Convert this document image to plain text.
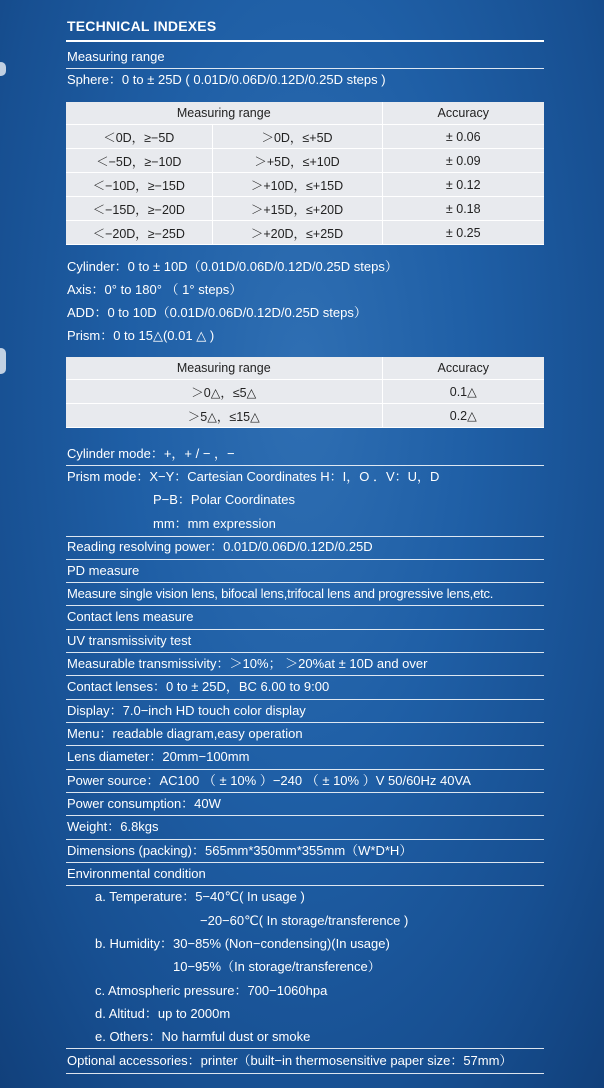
TECHNICAL INDEXES
Measuring range
Sphere：0 to ± 25D ( 0.01D/0.06D/0.12D/0.25D steps )
Measuring range		Accuracy
＜0D，≥−5D	＞0D，≤+5D	± 0.06
＜−5D，≥−10D	＞+5D，≤+10D	± 0.09
＜−10D，≥−15D	＞+10D，≤+15D	± 0.12
＜−15D，≥−20D	＞+15D，≤+20D	± 0.18
＜−20D，≥−25D	＞+20D，≤+25D	± 0.25
Cylinder：0 to ± 10D（0.01D/0.06D/0.12D/0.25D steps）
Axis：0° to 180° （ 1° steps）
ADD：0 to 10D（0.01D/0.06D/0.12D/0.25D steps）
Prism：0 to 15△(0.01 △ )
Measuring range	Accuracy
＞0△，≤5△	0.1△
＞5△，≤15△	0.2△
Cylinder mode：+，+ / − ，−
Prism mode：X−Y：Cartesian Coordinates H：I，O ．V：U，D
P−B：Polar Coordinates
mm：mm expression
Reading resolving power：0.01D/0.06D/0.12D/0.25D
PD measure
Measure single vision lens, bifocal lens,trifocal lens and progressive lens,etc.
Contact lens measure
UV transmissivity test
Measurable transmissivity：＞10%； ＞20%at ± 10D and over
Contact lenses：0 to ± 25D，BC 6.00 to 9:00
Display：7.0−inch HD touch color display
Menu：readable diagram,easy operation
Lens diameter：20mm−100mm
Power source：AC100 （ ± 10% ）−240 （ ± 10% ）V 50/60Hz 40VA
Power consumption：40W
Weight：6.8kgs
Dimensions (packing)：565mm*350mm*355mm（W*D*H）
Environmental condition
a. Temperature：5−40℃( In usage )
−20−60℃( In storage/transference )
b. Humidity：30−85% (Non−condensing)(In usage)
10−95%（In storage/transference）
c. Atmospheric pressure：700−1060hpa
d. Altitud：up to 2000m
e. Others：No harmful dust or smoke
Optional accessories：printer（built−in thermosensitive paper size：57mm）
